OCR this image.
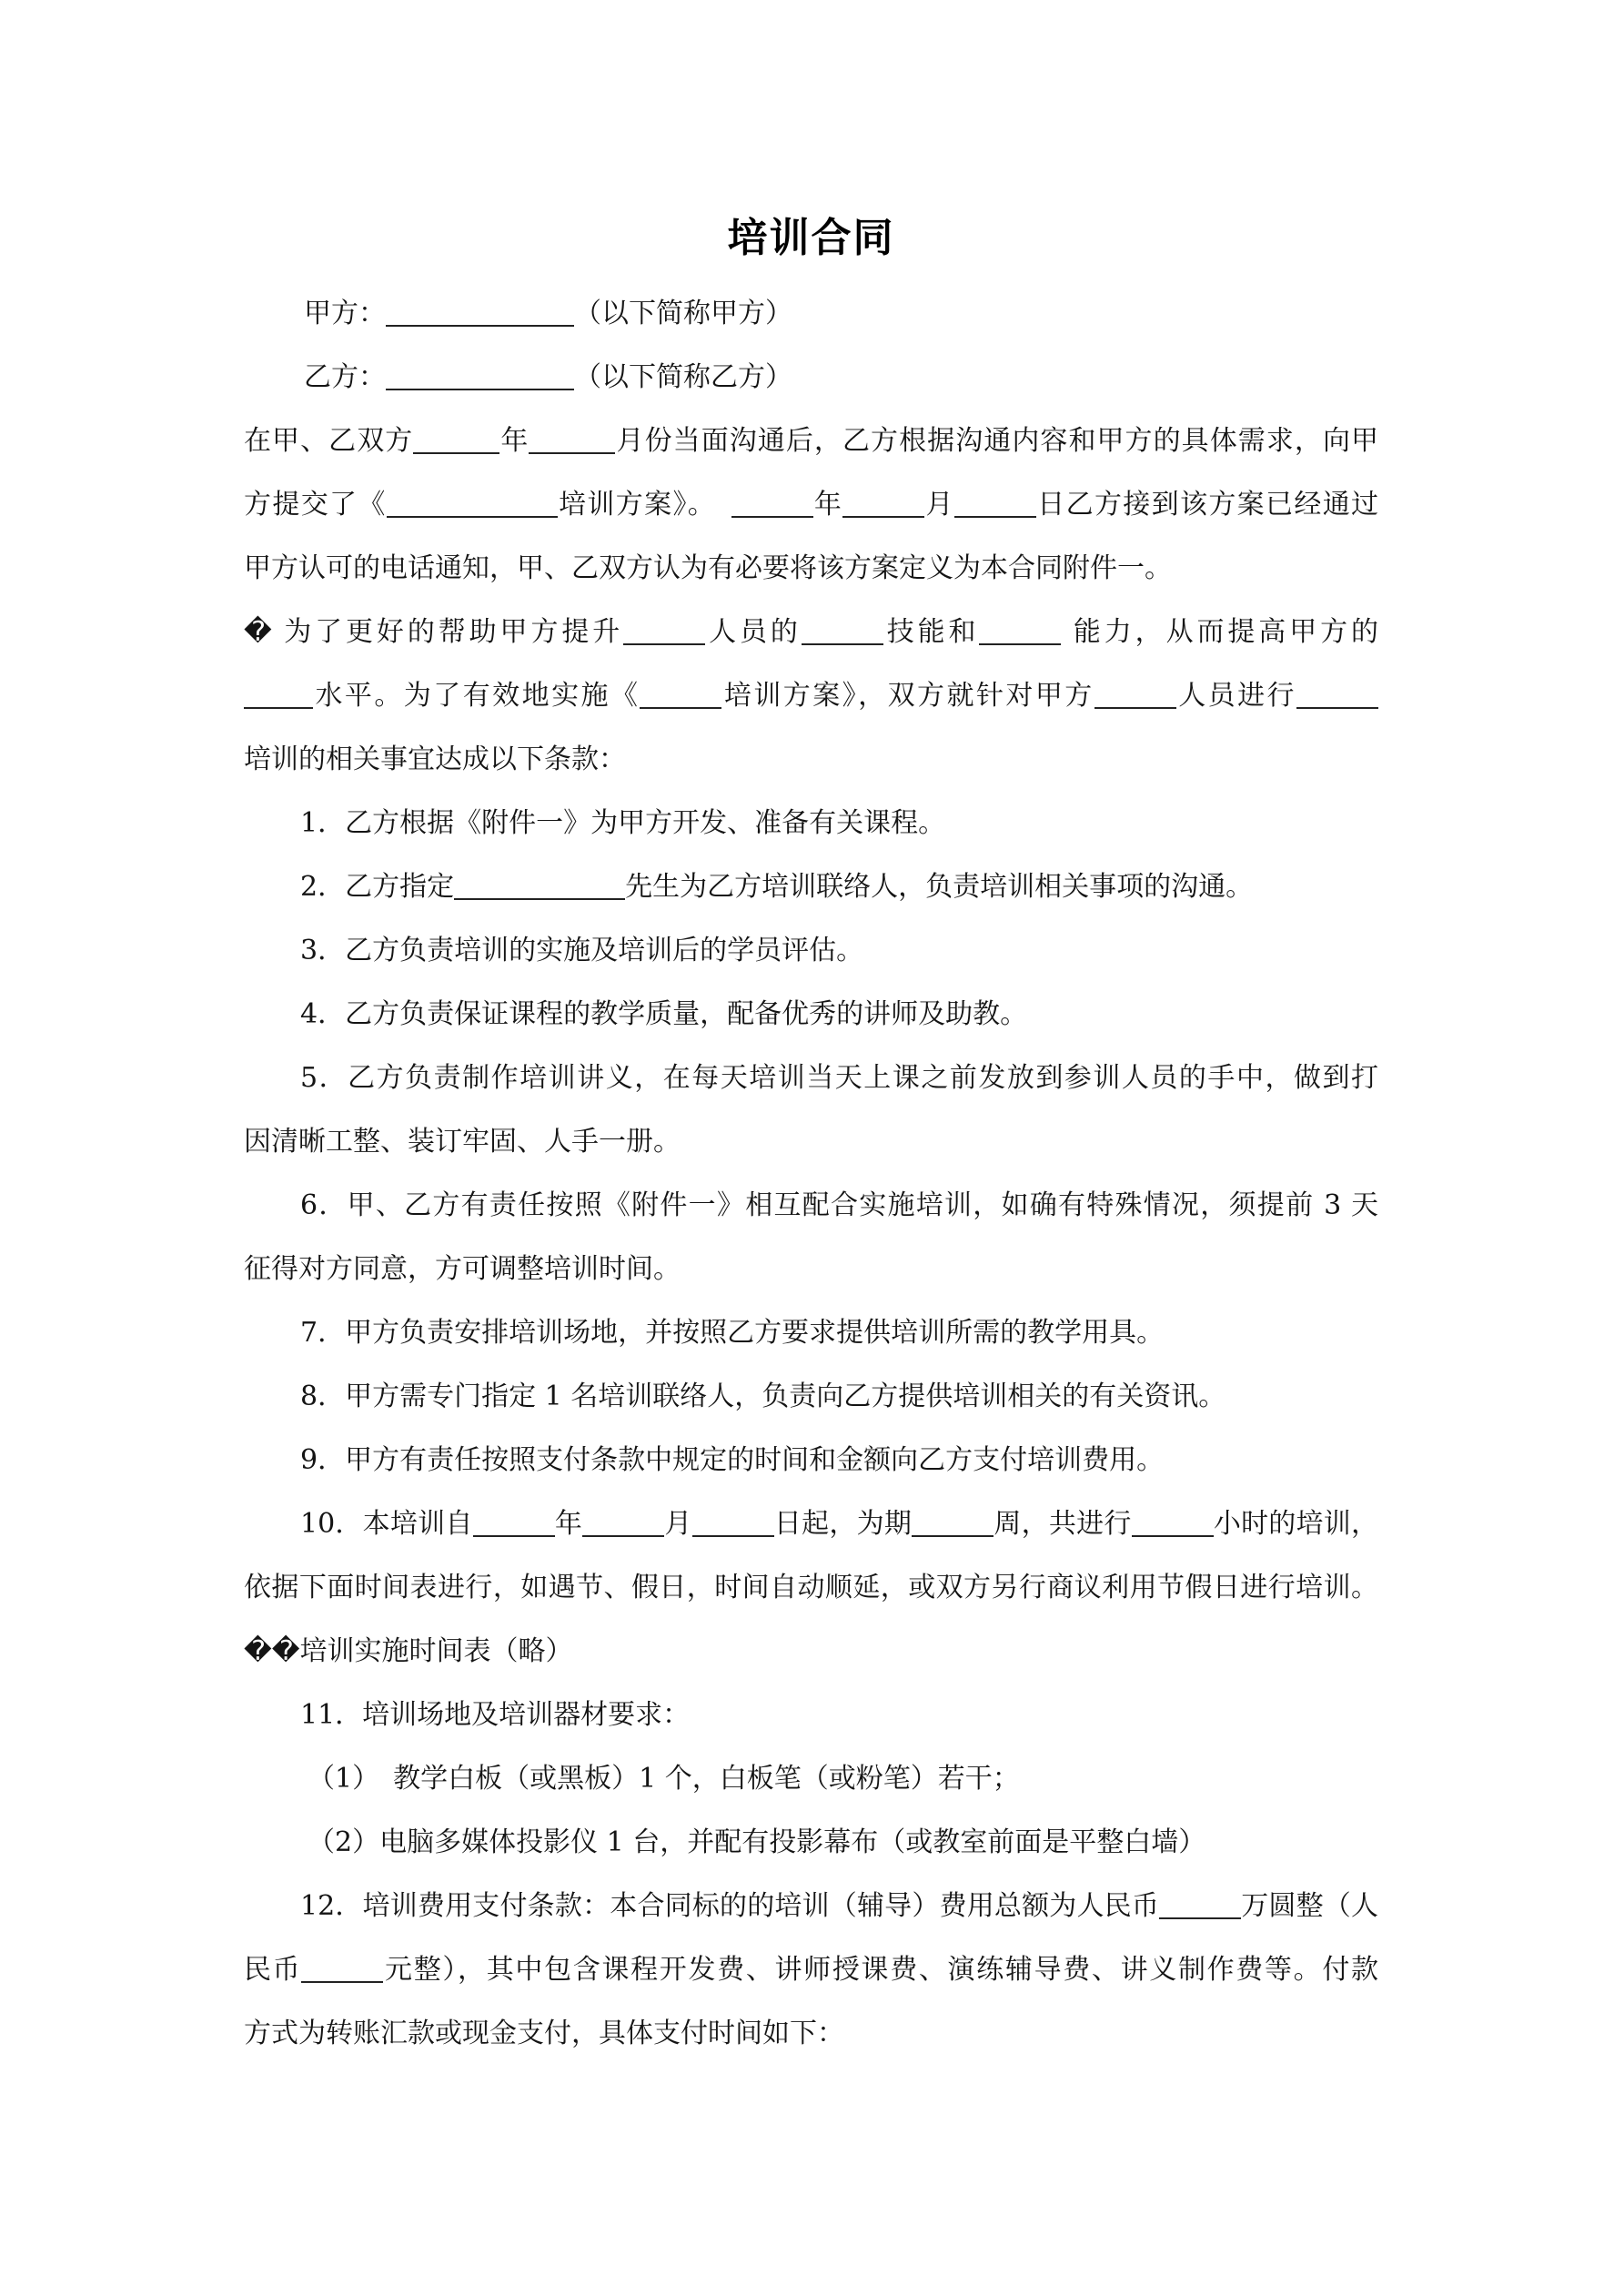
培训合同

甲方：	（以下简称甲方）

乙方：	（以下简称乙方）

在甲、乙双方	年	月份当面沟通后，乙方根据沟通内容和甲方的具体需求，向甲

方提交了《	培训方案》。　	年	月	日乙方接到该方案已经通过

甲方认可的电话通知，甲、乙双方认为有必要将该方案定义为本合同附件一。

� 为了更好的帮助甲方提升	人员的	技能和	能力，从而提高甲方的

水平。为了有效地实施《	培训方案》，双方就针对甲方	人员进行

培训的相关事宜达成以下条款：

1．乙方根据《附件一》为甲方开发、准备有关课程。

2．乙方指定	先生为乙方培训联络人，负责培训相关事项的沟通。

3．乙方负责培训的实施及培训后的学员评估。

4．乙方负责保证课程的教学质量，配备优秀的讲师及助教。

5．乙方负责制作培训讲义，在每天培训当天上课之前发放到参训人员的手中，做到打

因清晰工整、装订牢固、人手一册。

6．甲、乙方有责任按照《附件一》相互配合实施培训，如确有特殊情况，须提前 3 天

征得对方同意，方可调整培训时间。

7．甲方负责安排培训场地，并按照乙方要求提供培训所需的教学用具。

8．甲方需专门指定 1 名培训联络人，负责向乙方提供培训相关的有关资讯。

9．甲方有责任按照支付条款中规定的时间和金额向乙方支付培训费用。

10．本培训自	年	月	日起，为期	周，共进行	小时的培训，

依据下面时间表进行，如遇节、假日，时间自动顺延，或双方另行商议利用节假日进行培训。

��培训实施时间表（略）

11．培训场地及培训器材要求：

（1）　教学白板（或黑板）1 个，白板笔（或粉笔）若干；

（2）电脑多媒体投影仪 1 台，并配有投影幕布（或教室前面是平整白墙）

12．培训费用支付条款：本合同标的的培训（辅导）费用总额为人民币	万圆整（人

民币	元整），其中包含课程开发费、讲师授课费、演练辅导费、讲义制作费等。付款

方式为转账汇款或现金支付，具体支付时间如下：
